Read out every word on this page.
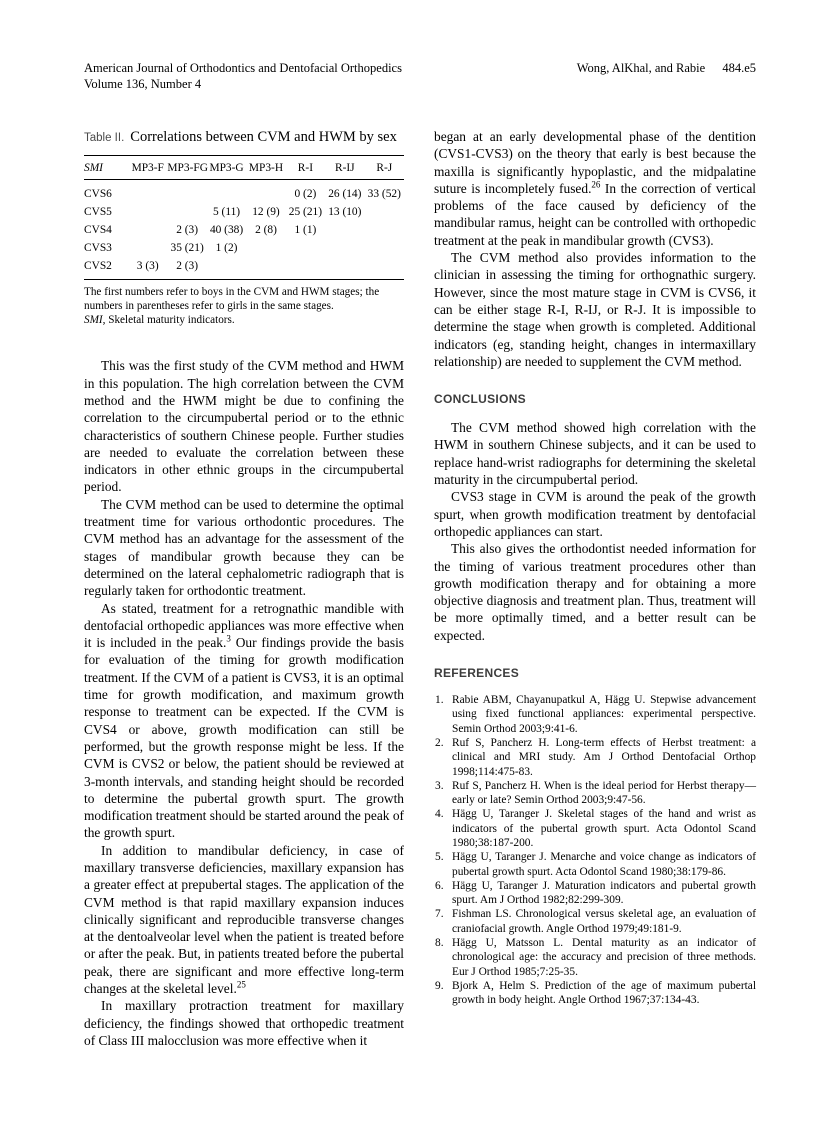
American Journal of Orthodontics and Dentofacial Orthopedics
Volume 136, Number 4
Wong, AlKhal, and Rabie 484.e5
Table II. Correlations between CVM and HWM by sex
SMI	MP3-F	MP3-FG	MP3-G	MP3-H	R-I	R-IJ	R-J
CVS6					0 (2)	26 (14)	33 (52)
CVS5			5 (11)	12 (9)	25 (21)	13 (10)	
CVS4		2 (3)	40 (38)	2 (8)	1 (1)		
CVS3		35 (21)	1 (2)				
CVS2	3 (3)	2 (3)					
The first numbers refer to boys in the CVM and HWM stages; the numbers in parentheses refer to girls in the same stages.
SMI, Skeletal maturity indicators.

This was the first study of the CVM method and HWM in this population. The high correlation between the CVM method and the HWM might be due to confining the correlation to the circumpubertal period or to the ethnic characteristics of southern Chinese people. Further studies are needed to evaluate the correlation between these indicators in other ethnic groups in the circumpubertal period.

The CVM method can be used to determine the optimal treatment time for various orthodontic procedures. The CVM method has an advantage for the assessment of the stages of mandibular growth because they can be determined on the lateral cephalometric radiograph that is regularly taken for orthodontic treatment.

As stated, treatment for a retrognathic mandible with dentofacial orthopedic appliances was more effective when it is included in the peak.$^3$ Our findings provide the basis for evaluation of the timing for growth modification treatment. If the CVM of a patient is CVS3, it is an optimal time for growth modification, and maximum growth response to treatment can be expected. If the CVM is CVS4 or above, growth modification can still be performed, but the growth response might be less. If the CVM is CVS2 or below, the patient should be reviewed at 3-month intervals, and standing height should be recorded to determine the pubertal growth spurt. The growth modification treatment should be started around the peak of the growth spurt.

In addition to mandibular deficiency, in case of maxillary transverse deficiencies, maxillary expansion has a greater effect at prepubertal stages. The application of the CVM method is that rapid maxillary expansion induces clinically significant and reproducible transverse changes at the dentoalveolar level when the patient is treated before or after the peak. But, in patients treated before the pubertal peak, there are significant and more effective long-term changes at the skeletal level.$^{25}$

In maxillary protraction treatment for maxillary deficiency, the findings showed that orthopedic treatment of Class III malocclusion was more effective when it

began at an early developmental phase of the dentition (CVS1-CVS3) on the theory that early is best because the maxilla is significantly hypoplastic, and the midpalatine suture is incompletely fused.$^{26}$ In the correction of vertical problems of the face caused by deficiency of the mandibular ramus, height can be controlled with orthopedic treatment at the peak in mandibular growth (CVS3).

The CVM method also provides information to the clinician in assessing the timing for orthognathic surgery. However, since the most mature stage in CVM is CVS6, it can be either stage R-I, R-IJ, or R-J. It is impossible to determine the stage when growth is completed. Additional indicators (eg, standing height, changes in intermaxillary relationship) are needed to supplement the CVM method.

CONCLUSIONS

The CVM method showed high correlation with the HWM in southern Chinese subjects, and it can be used to replace hand-wrist radiographs for determining the skeletal maturity in the circumpubertal period.

CVS3 stage in CVM is around the peak of the growth spurt, when growth modification treatment by dentofacial orthopedic appliances can start.

This also gives the orthodontist needed information for the timing of various treatment procedures other than growth modification therapy and for obtaining a more objective diagnosis and treatment plan. Thus, treatment will be more optimally timed, and a better result can be expected.

REFERENCES
Rabie ABM, Chayanupatkul A, Hägg U. Stepwise advancement using fixed functional appliances: experimental perspective. Semin Orthod 2003;9:41-6.
Ruf S, Pancherz H. Long-term effects of Herbst treatment: a clinical and MRI study. Am J Orthod Dentofacial Orthop 1998;114:475-83.
Ruf S, Pancherz H. When is the ideal period for Herbst therapy—early or late? Semin Orthod 2003;9:47-56.
Hägg U, Taranger J. Skeletal stages of the hand and wrist as indicators of the pubertal growth spurt. Acta Odontol Scand 1980;38:187-200.
Hägg U, Taranger J. Menarche and voice change as indicators of pubertal growth spurt. Acta Odontol Scand 1980;38:179-86.
Hägg U, Taranger J. Maturation indicators and pubertal growth spurt. Am J Orthod 1982;82:299-309.
Fishman LS. Chronological versus skeletal age, an evaluation of craniofacial growth. Angle Orthod 1979;49:181-9.
Hägg U, Matsson L. Dental maturity as an indicator of chronological age: the accuracy and precision of three methods. Eur J Orthod 1985;7:25-35.
Bjork A, Helm S. Prediction of the age of maximum pubertal growth in body height. Angle Orthod 1967;37:134-43.
